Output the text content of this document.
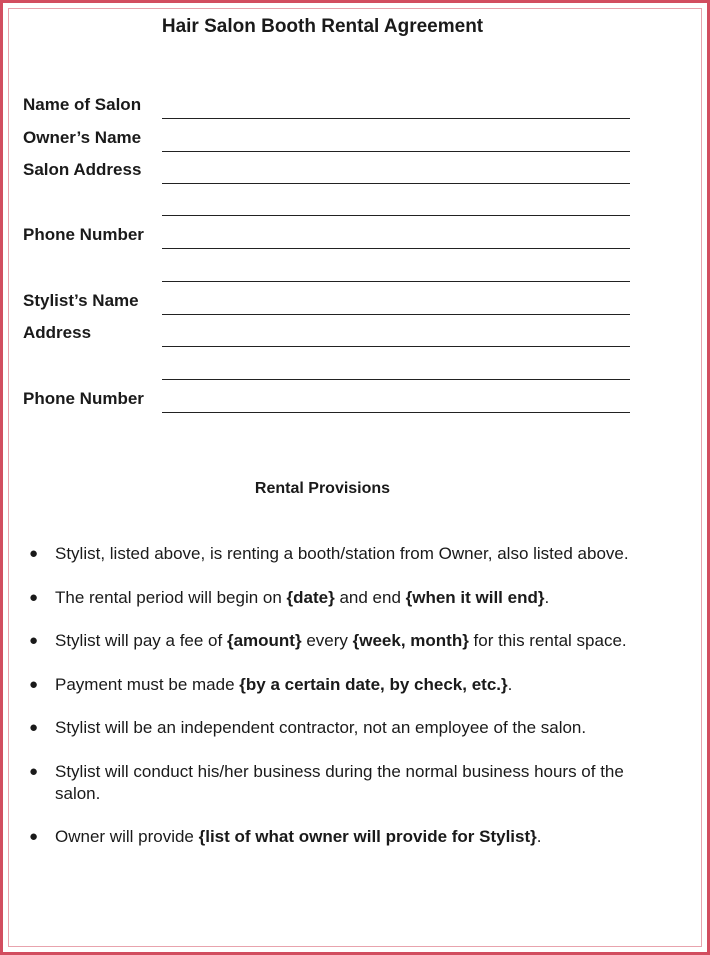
Hair Salon Booth Rental Agreement
Name of Salon
Owner’s Name
Salon Address
Phone Number
Stylist’s Name
Address
Phone Number
Rental Provisions
● Stylist, listed above, is renting a booth/station from Owner, also listed above.
● The rental period will begin on {date} and end {when it will end}.
● Stylist will pay a fee of {amount} every {week, month} for this rental space.
● Payment must be made {by a certain date, by check, etc.}.
● Stylist will be an independent contractor, not an employee of the salon.
● Stylist will conduct his/her business during the normal business hours of the salon.
● Owner will provide {list of what owner will provide for Stylist}.
